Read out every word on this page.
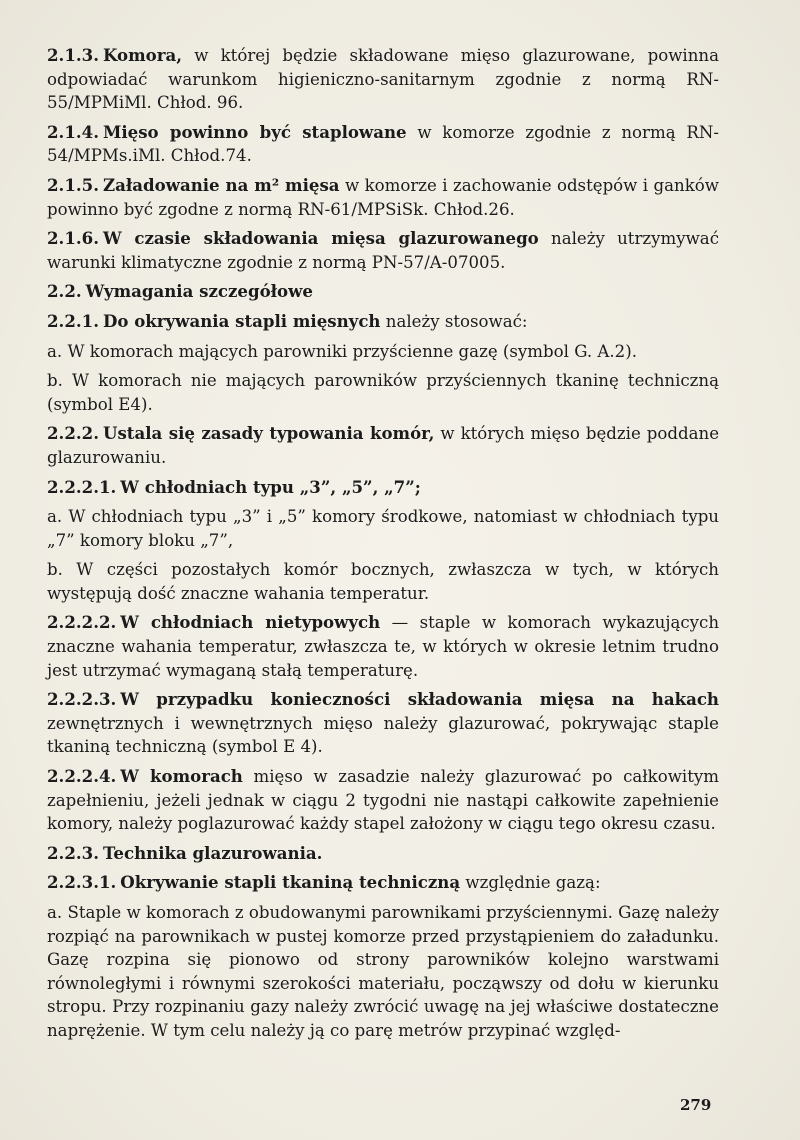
2.1.3. Komora, w której będzie składowane mięso glazurowane, powinna odpowiadać warunkom higieniczno-sanitarnym zgodnie z normą RN-55/MPMiMl. Chłod. 96.

2.1.4. Mięso powinno być staplowane w komorze zgodnie z normą RN-54/MPMs.iMl. Chłod.74.

2.1.5. Załadowanie na m² mięsa w komorze i zachowanie odstępów i ganków powinno być zgodne z normą RN-61/MPSiSk. Chłod.26.

2.1.6. W czasie składowania mięsa glazurowanego należy utrzymywać warunki klimatyczne zgodnie z normą PN-57/A-07005.

2.2. Wymagania szczegółowe

2.2.1. Do okrywania stapli mięsnych należy stosować:

a. W komorach mających parowniki przyścienne gazę (symbol G. A.2).

b. W komorach nie mających parowników przyściennych tkaninę techniczną (symbol E4).

2.2.2. Ustala się zasady typowania komór, w których mięso będzie poddane glazurowaniu.

2.2.2.1. W chłodniach typu „3”, „5”, „7”;

a. W chłodniach typu „3” i „5” komory środkowe, natomiast w chłodniach typu „7” komory bloku „7”,

b. W części pozostałych komór bocznych, zwłaszcza w tych, w których występują dość znaczne wahania temperatur.

2.2.2.2. W chłodniach nietypowych — staple w komorach wykazujących znaczne wahania temperatur, zwłaszcza te, w których w okresie letnim trudno jest utrzymać wymaganą stałą temperaturę.

2.2.2.3. W przypadku konieczności składowania mięsa na hakach zewnętrznych i wewnętrznych mięso należy glazurować, pokrywając staple tkaniną techniczną (symbol E 4).

2.2.2.4. W komorach mięso w zasadzie należy glazurować po całkowitym zapełnieniu, jeżeli jednak w ciągu 2 tygodni nie nastąpi całkowite zapełnienie komory, należy poglazurować każdy stapel założony w ciągu tego okresu czasu.

2.2.3. Technika glazurowania.

2.2.3.1. Okrywanie stapli tkaniną techniczną względnie gazą:

a. Staple w komorach z obudowanymi parownikami przyściennymi. Gazę należy rozpiąć na parownikach w pustej komorze przed przystąpieniem do załadunku. Gazę rozpina się pionowo od strony parowników kolejno warstwami równoległymi i równymi szerokości materiału, począwszy od dołu w kierunku stropu. Przy rozpinaniu gazy należy zwrócić uwagę na jej właściwe dostateczne naprężenie. W tym celu należy ją co parę metrów przypinać względ-

279
